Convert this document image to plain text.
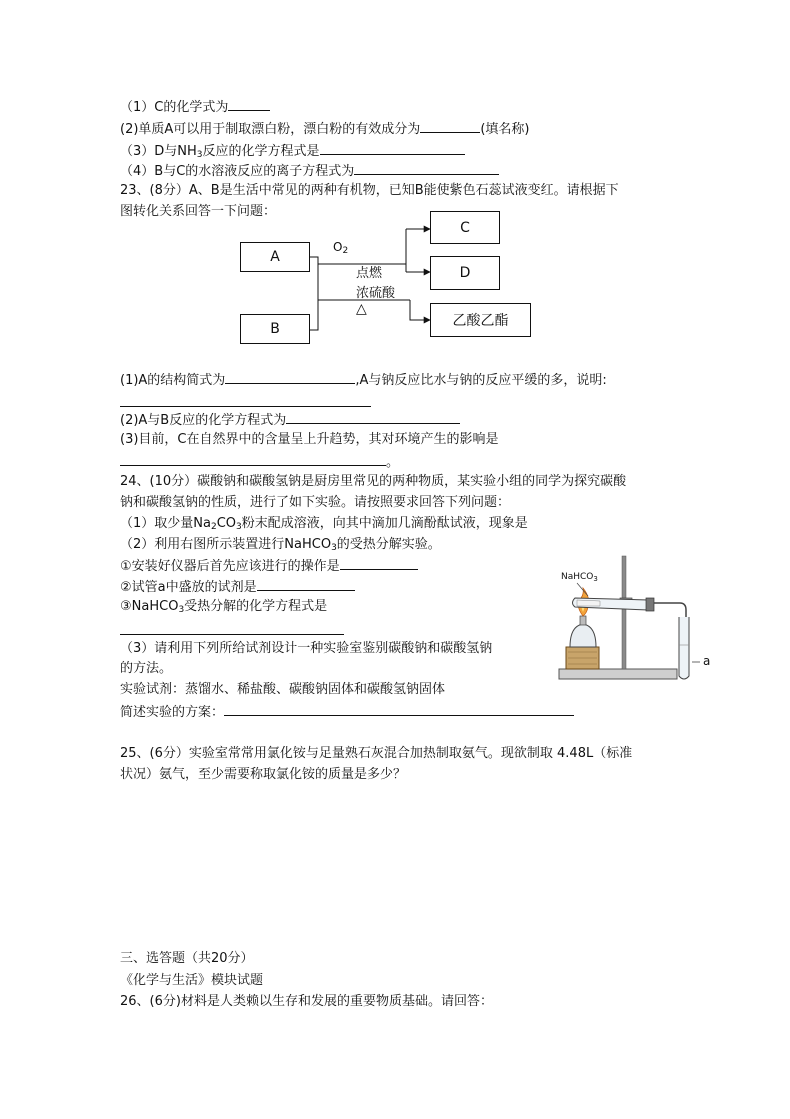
（1）C的化学式为
(2)单质A可以用于制取漂白粉，漂白粉的有效成分为	(填名称)
（3）D与$NH_3$反应的化学方程式是
（4）B与C的水溶液反应的离子方程式为
23、(8分）A、B是生活中常见的两种有机物，已知B能使紫色石蕊试液变红。请根据下
图转化关系回答一下问题：
A
B
C
D
乙酸乙酯
$O_2$
点燃
浓硫酸
△
(1)A的结构简式为	,A与钠反应比水与钠的反应平缓的多，说明:
(2)A与B反应的化学方程式为
(3)目前，C在自然界中的含量呈上升趋势，其对环境产生的影响是
。
24、(10分）碳酸钠和碳酸氢钠是厨房里常见的两种物质，某实验小组的同学为探究碳酸
钠和碳酸氢钠的性质，进行了如下实验。请按照要求回答下列问题：
（1）取少量$Na_2CO_3$粉末配成溶液，向其中滴加几滴酚酞试液，现象是
（2）利用右图所示装置进行NaHCO$_3$的受热分解实验。
①安装好仪器后首先应该进行的操作是
②试管a中盛放的试剂是
③NaHCO$_3$受热分解的化学方程式是
（3）请利用下列所给试剂设计一种实验室鉴别碳酸钠和碳酸氢钠
的方法。
实验试剂：蒸馏水、稀盐酸、碳酸钠固体和碳酸氢钠固体
简述实验的方案：
NaHCO$_3$
a
25、(6分）实验室常常用氯化铵与足量熟石灰混合加热制取氨气。现欲制取 4.48L（标准
状况）氨气，至少需要称取氯化铵的质量是多少？
三、选答题（共20分）
《化学与生活》模块试题
26、(6分)材料是人类赖以生存和发展的重要物质基础。请回答：
